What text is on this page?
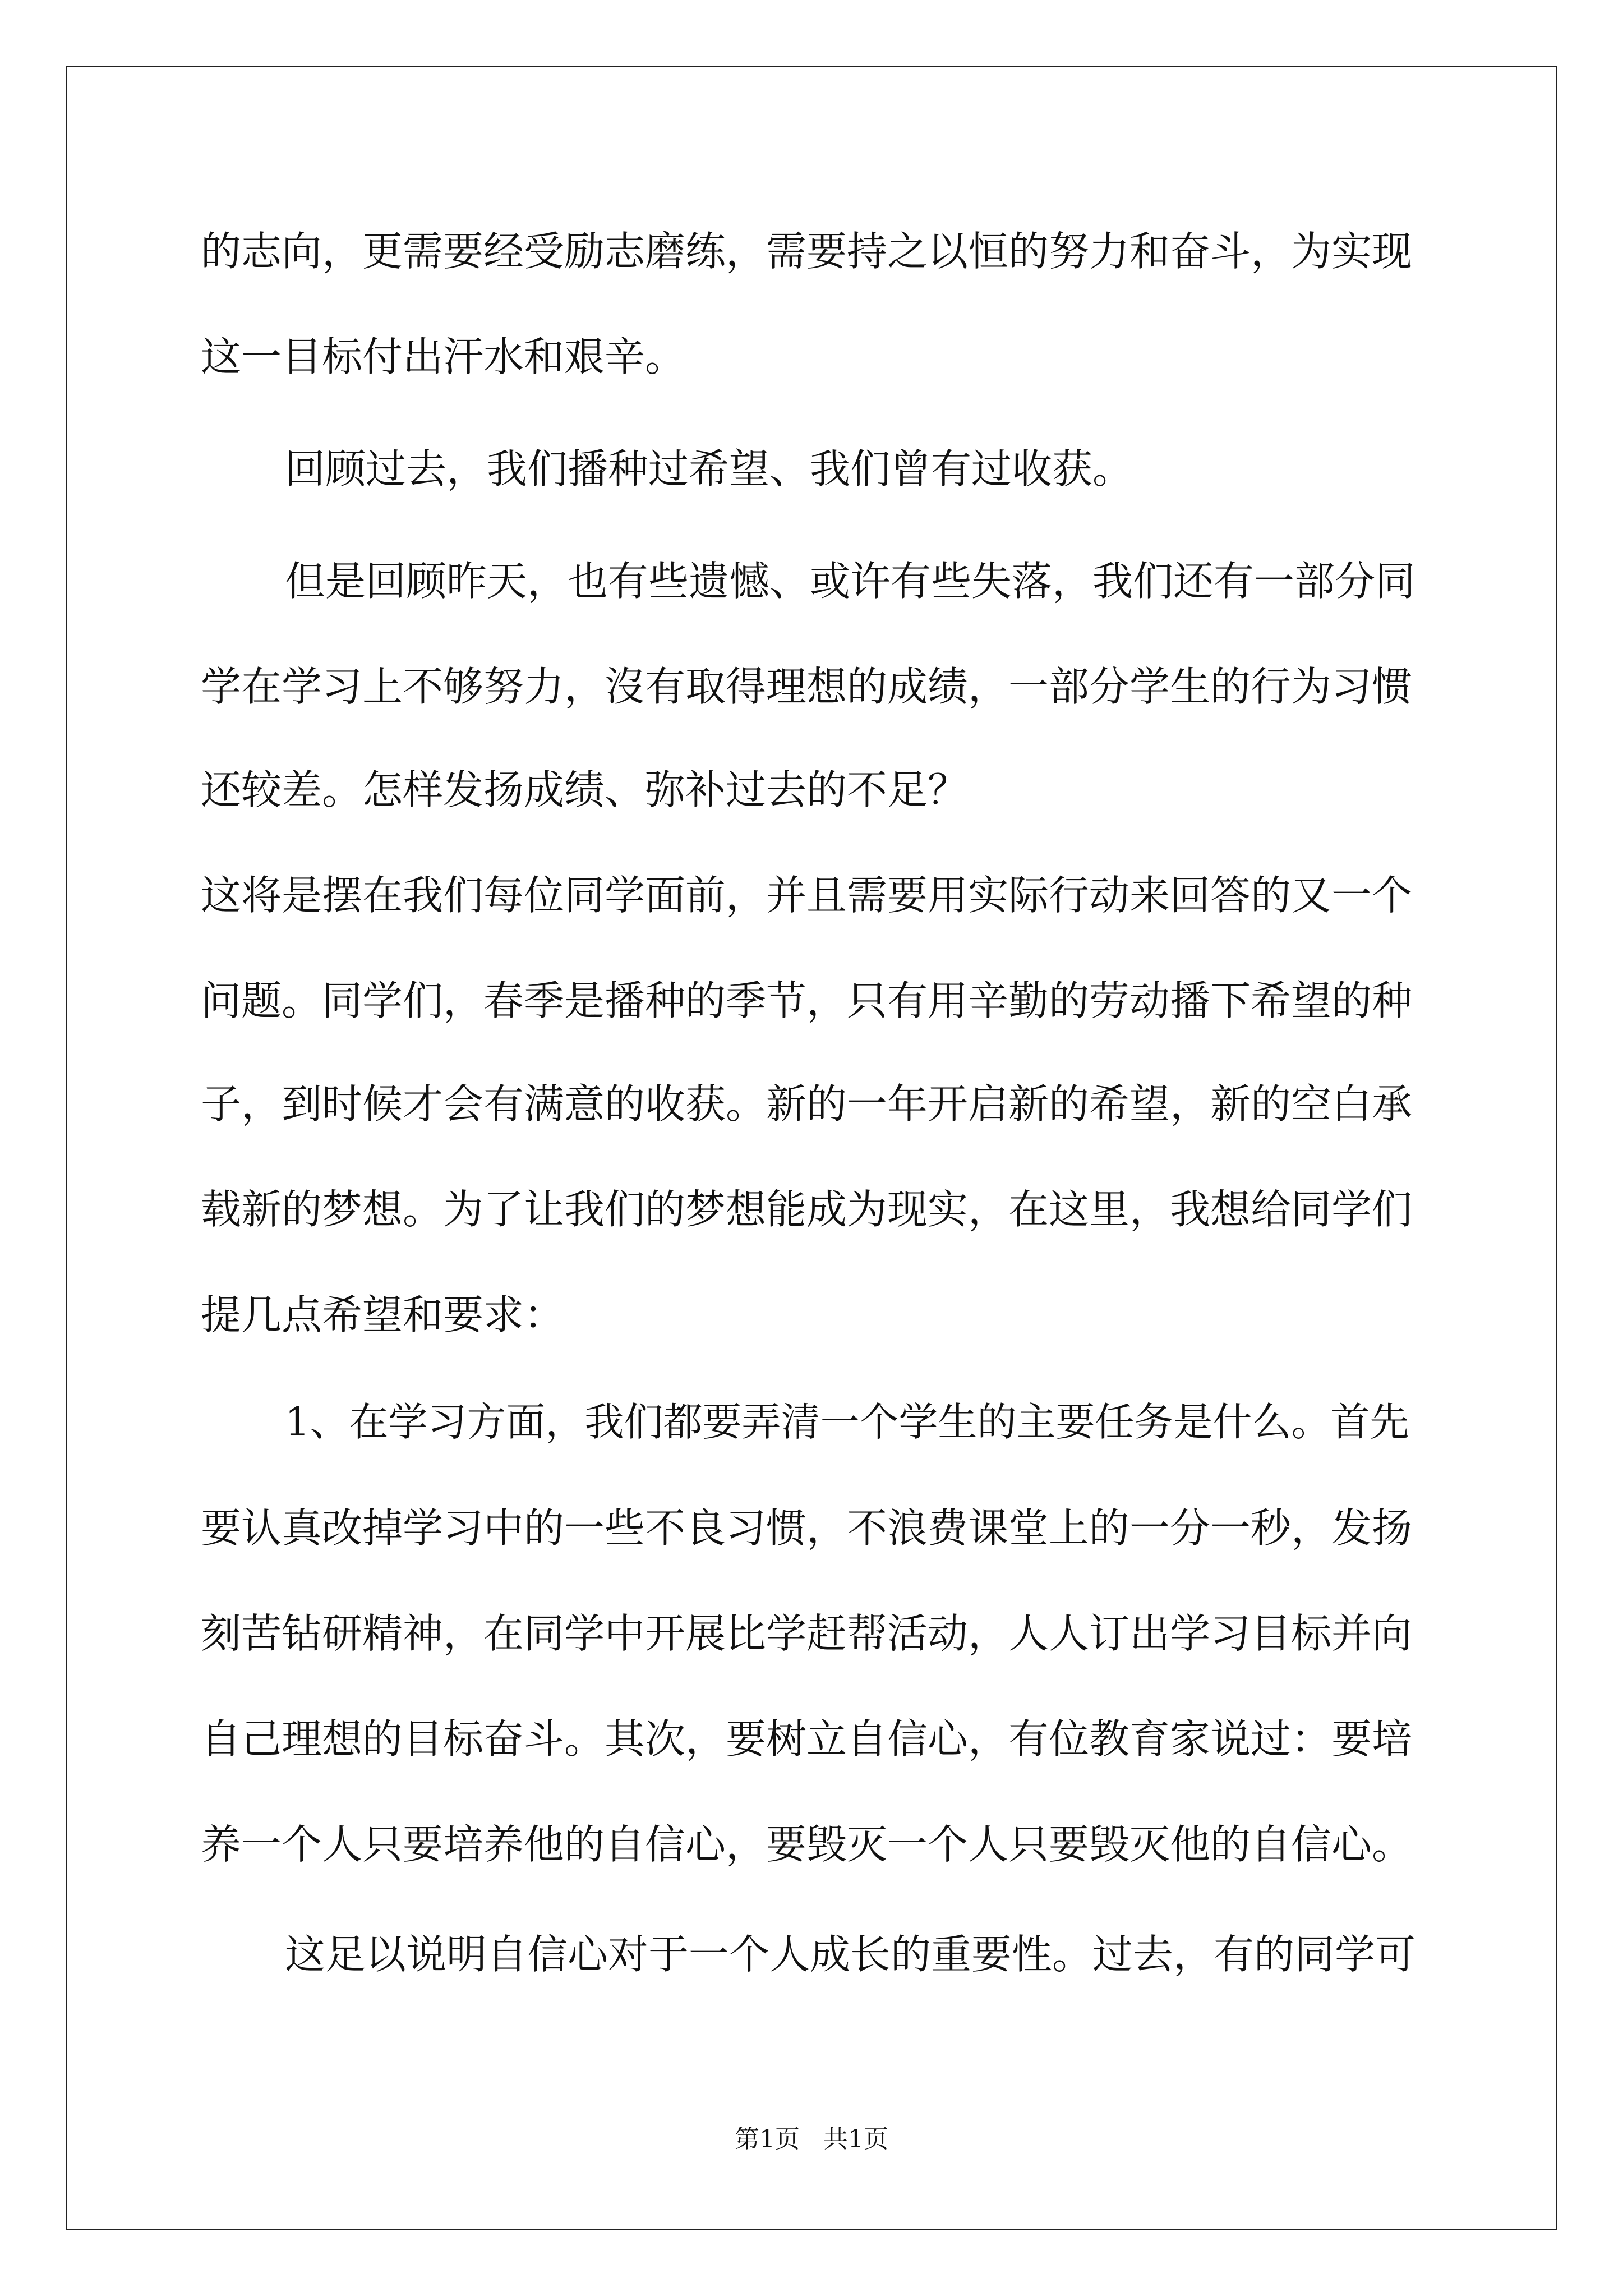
的志向，更需要经受励志磨练，需要持之以恒的努力和奋斗，为实现
这一目标付出汗水和艰辛。
回顾过去，我们播种过希望、我们曾有过收获。
但是回顾昨天，也有些遗憾、或许有些失落，我们还有一部分同
学在学习上不够努力，沒有取得理想的成绩，一部分学生的行为习惯
还较差。怎样发扬成绩、弥补过去的不足？
这将是摆在我们每位同学面前，并且需要用实际行动来回答的又一个
问题。同学们，春季是播种的季节，只有用辛勤的劳动播下希望的种
子，到时候才会有满意的收获。新的一年开启新的希望，新的空白承
载新的梦想。为了让我们的梦想能成为现实，在这里，我想给同学们
提几点希望和要求：
1、在学习方面，我们都要弄清一个学生的主要任务是什么。首先
要认真改掉学习中的一些不良习惯，不浪费课堂上的一分一秒，发扬
刻苦钻研精神，在同学中开展比学赶帮活动，人人订出学习目标并向
自己理想的目标奋斗。其次，要树立自信心，有位教育家说过：要培
养一个人只要培养他的自信心，要毁灭一个人只要毁灭他的自信心。
这足以说明自信心对于一个人成长的重要性。过去，有的同学可
第1页   共1页
